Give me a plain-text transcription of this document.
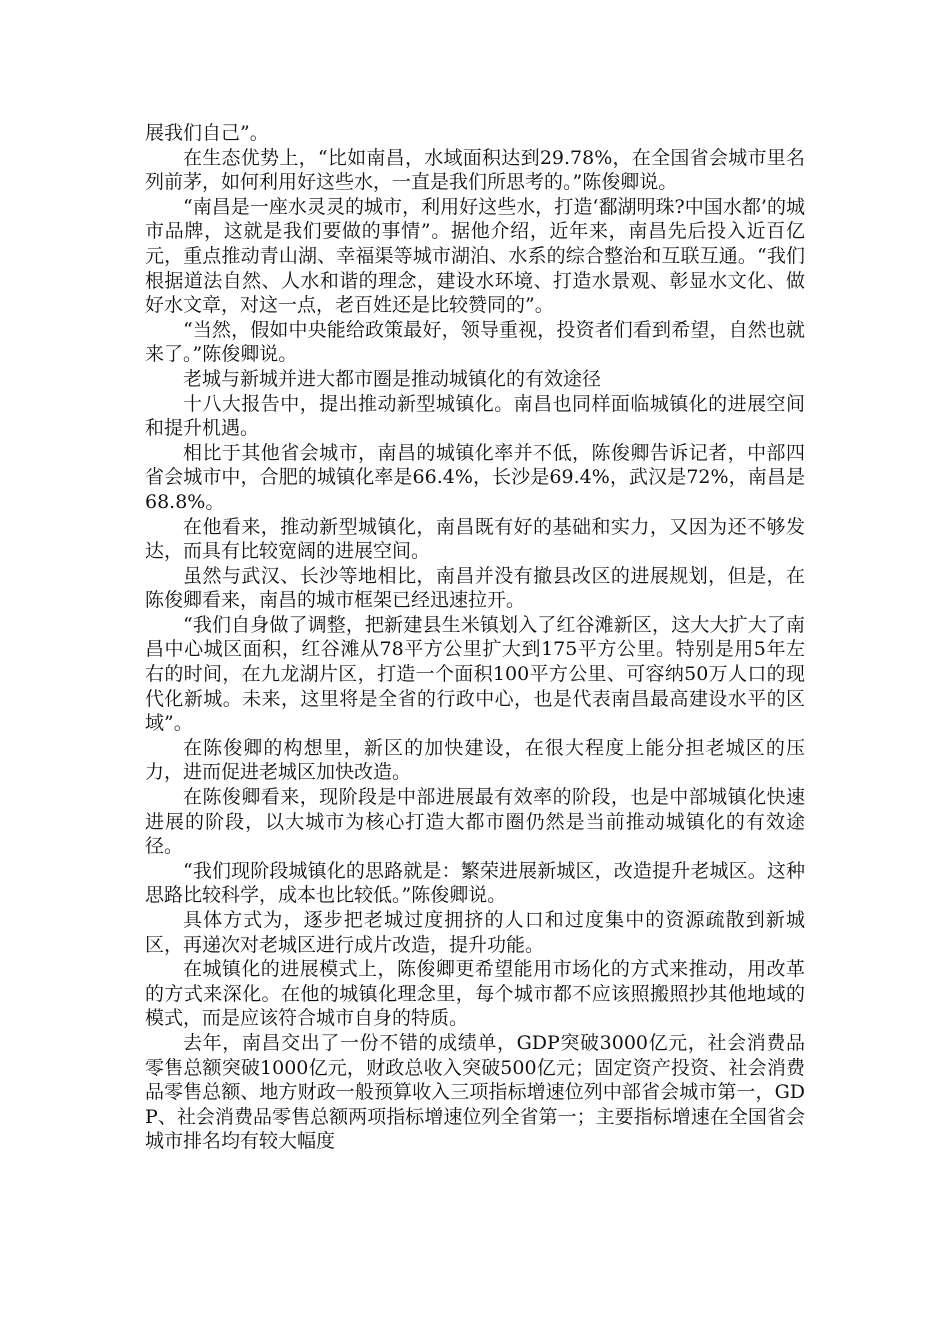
展我们自己”。

在生态优势上，“比如南昌，水域面积达到29.78%，在全国省会城市里名列前茅，如何利用好这些水，一直是我们所思考的。”陈俊卿说。

“南昌是一座水灵灵的城市，利用好这些水，打造‘鄱湖明珠?中国水都’的城市品牌，这就是我们要做的事情”。据他介绍，近年来，南昌先后投入近百亿元，重点推动青山湖、幸福渠等城市湖泊、水系的综合整治和互联互通。“我们根据道法自然、人水和谐的理念，建设水环境、打造水景观、彰显水文化、做好水文章，对这一点，老百姓还是比较赞同的”。

“当然，假如中央能给政策最好，领导重视，投资者们看到希望，自然也就来了。”陈俊卿说。

老城与新城并进大都市圈是推动城镇化的有效途径

十八大报告中，提出推动新型城镇化。南昌也同样面临城镇化的进展空间和提升机遇。

相比于其他省会城市，南昌的城镇化率并不低，陈俊卿告诉记者，中部四省会城市中，合肥的城镇化率是66.4%，长沙是69.4%，武汉是72%，南昌是68.8%。

在他看来，推动新型城镇化，南昌既有好的基础和实力，又因为还不够发达，而具有比较宽阔的进展空间。

虽然与武汉、长沙等地相比，南昌并没有撤县改区的进展规划，但是，在陈俊卿看来，南昌的城市框架已经迅速拉开。

“我们自身做了调整，把新建县生米镇划入了红谷滩新区，这大大扩大了南昌中心城区面积，红谷滩从78平方公里扩大到175平方公里。特别是用5年左右的时间，在九龙湖片区，打造一个面积100平方公里、可容纳50万人口的现代化新城。未来，这里将是全省的行政中心，也是代表南昌最高建设水平的区域”。

在陈俊卿的构想里，新区的加快建设，在很大程度上能分担老城区的压力，进而促进老城区加快改造。

在陈俊卿看来，现阶段是中部进展最有效率的阶段，也是中部城镇化快速进展的阶段，以大城市为核心打造大都市圈仍然是当前推动城镇化的有效途径。

“我们现阶段城镇化的思路就是：繁荣进展新城区，改造提升老城区。这种思路比较科学，成本也比较低。”陈俊卿说。

具体方式为，逐步把老城过度拥挤的人口和过度集中的资源疏散到新城区，再递次对老城区进行成片改造，提升功能。

在城镇化的进展模式上，陈俊卿更希望能用市场化的方式来推动，用改革的方式来深化。在他的城镇化理念里，每个城市都不应该照搬照抄其他地域的模式，而是应该符合城市自身的特质。

去年，南昌交出了一份不错的成绩单，GDP突破3000亿元，社会消费品零售总额突破1000亿元，财政总收入突破500亿元；固定资产投资、社会消费品零售总额、地方财政一般预算收入三项指标增速位列中部省会城市第一，GDP、社会消费品零售总额两项指标增速位列全省第一；主要指标增速在全国省会城市排名均有较大幅度
